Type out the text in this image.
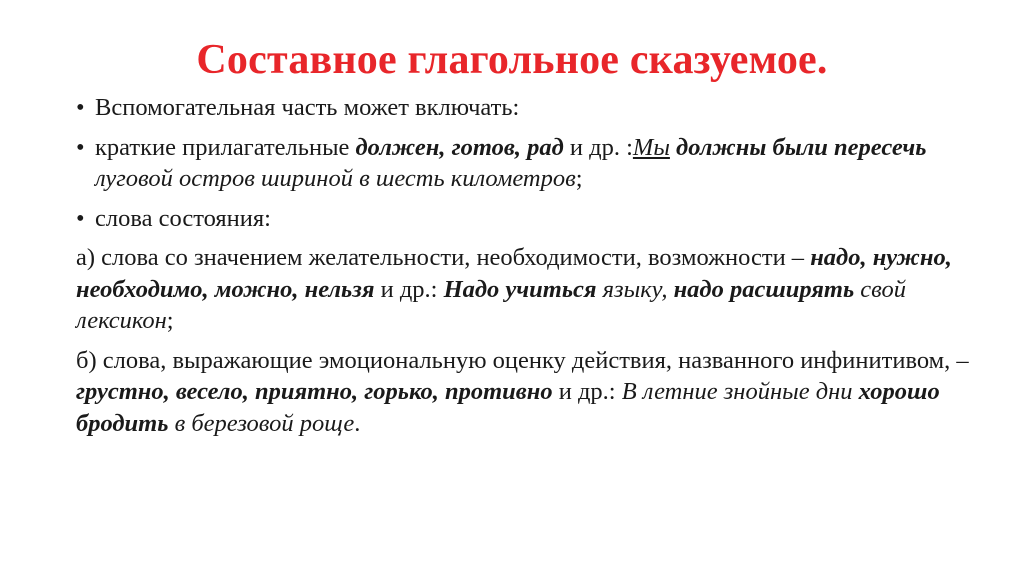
Составное глагольное сказуемое.
• Вспомогательная часть может включать:
• краткие прилагательные должен, готов, рад и др. :Мы должны были пересечь луговой остров шириной в шесть километров;
• слова состояния:
а) слова со значением желательности, необходимости, возможности – надо, нужно, необходимо, можно, нельзя и др.: Надо учиться языку, надо расширять свой лексикон;
б) слова, выражающие эмоциональную оценку действия, названного инфинитивом, – грустно, весело, приятно, горько, противно и др.: В летние знойные дни хорошо бродить в березовой роще.
